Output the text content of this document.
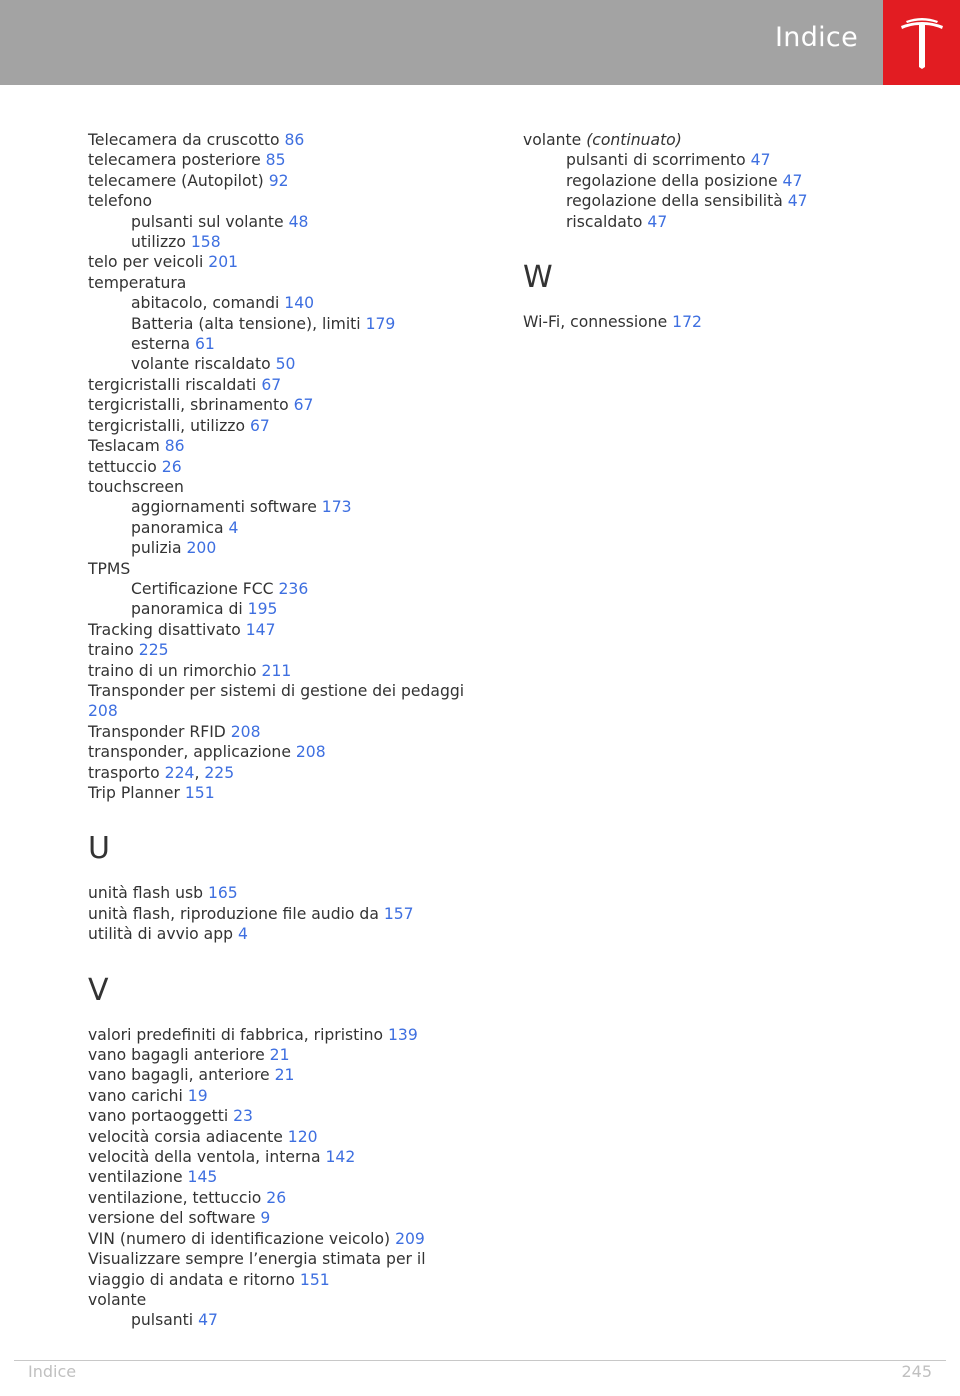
Indice
Telecamera da cruscotto 86
telecamera posteriore 85
telecamere (Autopilot) 92
telefono
pulsanti sul volante 48
utilizzo 158
telo per veicoli 201
temperatura
abitacolo, comandi 140
Batteria (alta tensione), limiti 179
esterna 61
volante riscaldato 50
tergicristalli riscaldati 67
tergicristalli, sbrinamento 67
tergicristalli, utilizzo 67
Teslacam 86
tettuccio 26
touchscreen
aggiornamenti software 173
panoramica 4
pulizia 200
TPMS
Certificazione FCC 236
panoramica di 195
Tracking disattivato 147
traino 225
traino di un rimorchio 211
Transponder per sistemi di gestione dei pedaggi 208
Transponder RFID 208
transponder, applicazione 208
trasporto 224, 225
Trip Planner 151
U
unità flash usb 165
unità flash, riproduzione file audio da 157
utilità di avvio app 4
V
valori predefiniti di fabbrica, ripristino 139
vano bagagli anteriore 21
vano bagagli, anteriore 21
vano carichi 19
vano portaoggetti 23
velocità corsia adiacente 120
velocità della ventola, interna 142
ventilazione 145
ventilazione, tettuccio 26
versione del software 9
VIN (numero di identificazione veicolo) 209
Visualizzare sempre l’energia stimata per il viaggio di andata e ritorno 151
volante
pulsanti 47
volante (continuato)
pulsanti di scorrimento 47
regolazione della posizione 47
regolazione della sensibilità 47
riscaldato 47
W
Wi-Fi, connessione 172
Indice	245
